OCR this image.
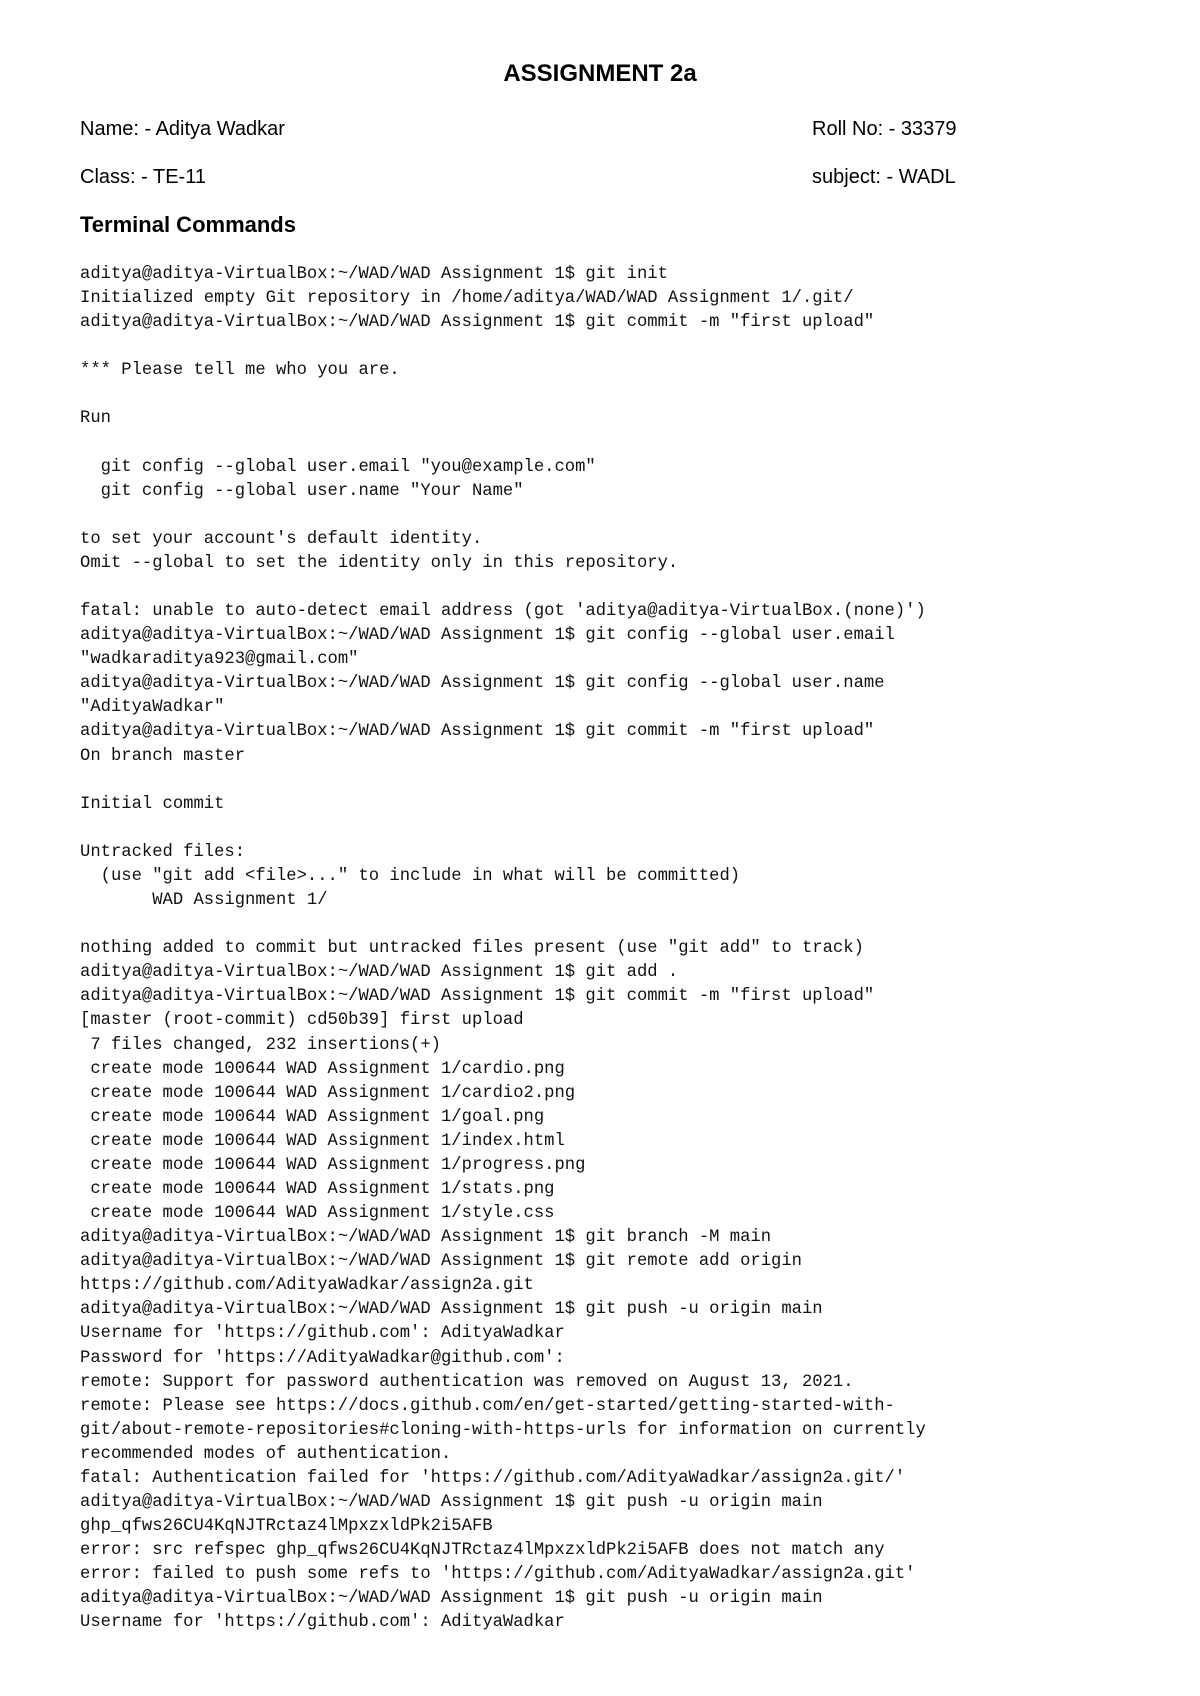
ASSIGNMENT 2a
Name: - Aditya Wadkar	Roll No: - 33379
Class: - TE-11	subject: - WADL
Terminal Commands
aditya@aditya-VirtualBox:~/WAD/WAD Assignment 1$ git init
Initialized empty Git repository in /home/aditya/WAD/WAD Assignment 1/.git/
aditya@aditya-VirtualBox:~/WAD/WAD Assignment 1$ git commit -m "first upload"
*** Please tell me who you are.
Run
git config --global user.email "you@example.com"
git config --global user.name "Your Name"
to set your account's default identity.
Omit --global to set the identity only in this repository.
fatal: unable to auto-detect email address (got 'aditya@aditya-VirtualBox.(none)')
aditya@aditya-VirtualBox:~/WAD/WAD Assignment 1$ git config --global user.email
"wadkaraditya923@gmail.com"
aditya@aditya-VirtualBox:~/WAD/WAD Assignment 1$ git config --global user.name
"AdityaWadkar"
aditya@aditya-VirtualBox:~/WAD/WAD Assignment 1$ git commit -m "first upload"
On branch master
Initial commit
Untracked files:
(use "git add <file>..." to include in what will be committed)
WAD Assignment 1/
nothing added to commit but untracked files present (use "git add" to track)
aditya@aditya-VirtualBox:~/WAD/WAD Assignment 1$ git add .
aditya@aditya-VirtualBox:~/WAD/WAD Assignment 1$ git commit -m "first upload"
[master (root-commit) cd50b39] first upload
7 files changed, 232 insertions(+)
create mode 100644 WAD Assignment 1/cardio.png
create mode 100644 WAD Assignment 1/cardio2.png
create mode 100644 WAD Assignment 1/goal.png
create mode 100644 WAD Assignment 1/index.html
create mode 100644 WAD Assignment 1/progress.png
create mode 100644 WAD Assignment 1/stats.png
create mode 100644 WAD Assignment 1/style.css
aditya@aditya-VirtualBox:~/WAD/WAD Assignment 1$ git branch -M main
aditya@aditya-VirtualBox:~/WAD/WAD Assignment 1$ git remote add origin
https://github.com/AdityaWadkar/assign2a.git
aditya@aditya-VirtualBox:~/WAD/WAD Assignment 1$ git push -u origin main
Username for 'https://github.com': AdityaWadkar
Password for 'https://AdityaWadkar@github.com':
remote: Support for password authentication was removed on August 13, 2021.
remote: Please see https://docs.github.com/en/get-started/getting-started-with-
git/about-remote-repositories#cloning-with-https-urls for information on currently
recommended modes of authentication.
fatal: Authentication failed for 'https://github.com/AdityaWadkar/assign2a.git/'
aditya@aditya-VirtualBox:~/WAD/WAD Assignment 1$ git push -u origin main
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
error: src refspec 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 does not match any
error: failed to push some refs to 'https://github.com/AdityaWadkar/assign2a.git'
aditya@aditya-VirtualBox:~/WAD/WAD Assignment 1$ git push -u origin main
Username for 'https://github.com': AdityaWadkar
